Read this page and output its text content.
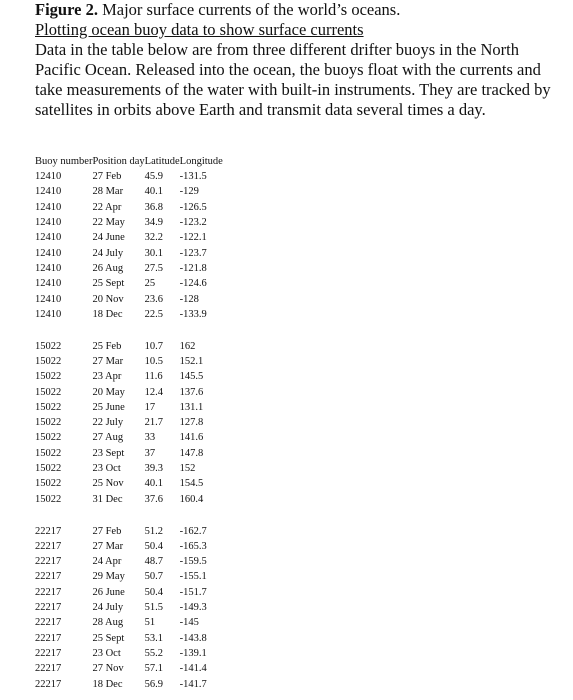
Figure 2. Major surface currents of the world’s oceans.
Plotting ocean buoy data to show surface currents

Data in the table below are from three different drifter buoys in the North Pacific Ocean. Released into the ocean, the buoys float with the currents and take measurements of the water with built-in instruments. They are tracked by satellites in orbits above Earth and transmit data several times a day.

Buoy number	Position day	Latitude	Longitude
12410	27 Feb	45.9	-131.5
12410	28 Mar	40.1	-129
12410	22 Apr	36.8	-126.5
12410	22 May	34.9	-123.2
12410	24 June	32.2	-122.1
12410	24 July	30.1	-123.7
12410	26 Aug	27.5	-121.8
12410	25 Sept	25	-124.6
12410	20 Nov	23.6	-128
12410	18 Dec	22.5	-133.9

15022	25 Feb	10.7	162
15022	27 Mar	10.5	152.1
15022	23 Apr	11.6	145.5
15022	20 May	12.4	137.6
15022	25 June	17	131.1
15022	22 July	21.7	127.8
15022	27 Aug	33	141.6
15022	23 Sept	37	147.8
15022	23 Oct	39.3	152
15022	25 Nov	40.1	154.5
15022	31 Dec	37.6	160.4

22217	27 Feb	51.2	-162.7
22217	27 Mar	50.4	-165.3
22217	24 Apr	48.7	-159.5
22217	29 May	50.7	-155.1
22217	26 June	50.4	-151.7
22217	24 July	51.5	-149.3
22217	28 Aug	51	-145
22217	25 Sept	53.1	-143.8
22217	23 Oct	55.2	-139.1
22217	27 Nov	57.1	-141.4
22217	18 Dec	56.9	-141.7
